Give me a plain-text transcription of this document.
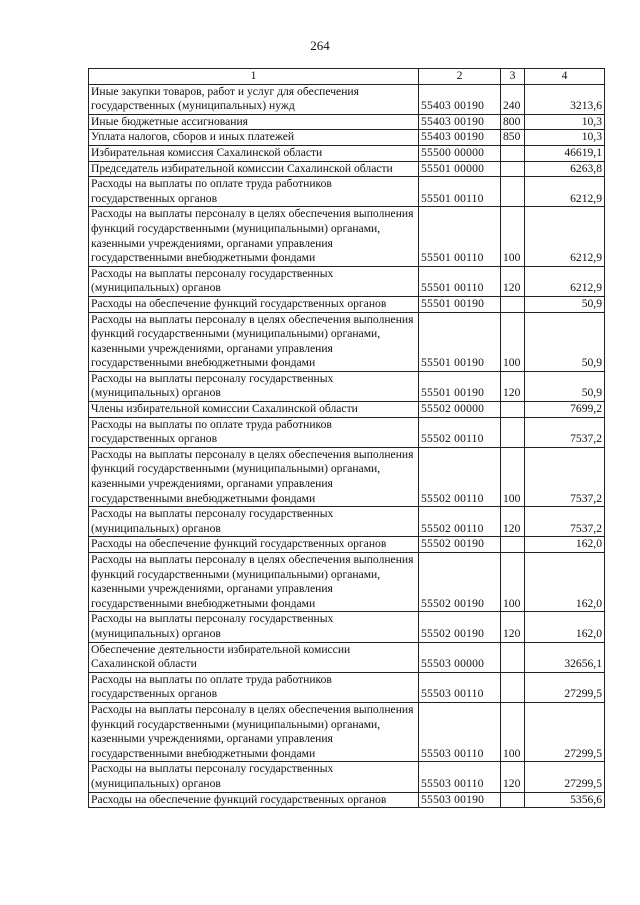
264
1	2	3	4
Иные закупки товаров, работ и услуг для обеспечения государственных (муниципальных) нужд	55403 00190	240	3213,6
Иные бюджетные ассигнования	55403 00190	800	10,3
Уплата налогов, сборов и иных платежей	55403 00190	850	10,3
Избирательная комиссия Сахалинской области	55500 00000		46619,1
Председатель избирательной комиссии Сахалинской области	55501 00000		6263,8
Расходы на выплаты по оплате труда работников государственных органов	55501 00110		6212,9
Расходы на выплаты персоналу в целях обеспечения выполнения функций государственными (муниципальными) органами, казенными учреждениями, органами управления государственными внебюджетными фондами	55501 00110	100	6212,9
Расходы на выплаты персоналу государственных (муниципальных) органов	55501 00110	120	6212,9
Расходы на обеспечение функций государственных органов	55501 00190		50,9
Расходы на выплаты персоналу в целях обеспечения выполнения функций государственными (муниципальными) органами, казенными учреждениями, органами управления государственными внебюджетными фондами	55501 00190	100	50,9
Расходы на выплаты персоналу государственных (муниципальных) органов	55501 00190	120	50,9
Члены избирательной комиссии Сахалинской области	55502 00000		7699,2
Расходы на выплаты по оплате труда работников государственных органов	55502 00110		7537,2
Расходы на выплаты персоналу в целях обеспечения выполнения функций государственными (муниципальными) органами, казенными учреждениями, органами управления государственными внебюджетными фондами	55502 00110	100	7537,2
Расходы на выплаты персоналу государственных (муниципальных) органов	55502 00110	120	7537,2
Расходы на обеспечение функций государственных органов	55502 00190		162,0
Расходы на выплаты персоналу в целях обеспечения выполнения функций государственными (муниципальными) органами, казенными учреждениями, органами управления государственными внебюджетными фондами	55502 00190	100	162,0
Расходы на выплаты персоналу государственных (муниципальных) органов	55502 00190	120	162,0
Обеспечение деятельности избирательной комиссии Сахалинской области	55503 00000		32656,1
Расходы на выплаты по оплате труда работников государственных органов	55503 00110		27299,5
Расходы на выплаты персоналу в целях обеспечения выполнения функций государственными (муниципальными) органами, казенными учреждениями, органами управления государственными внебюджетными фондами	55503 00110	100	27299,5
Расходы на выплаты персоналу государственных (муниципальных) органов	55503 00110	120	27299,5
Расходы на обеспечение функций государственных органов	55503 00190		5356,6
